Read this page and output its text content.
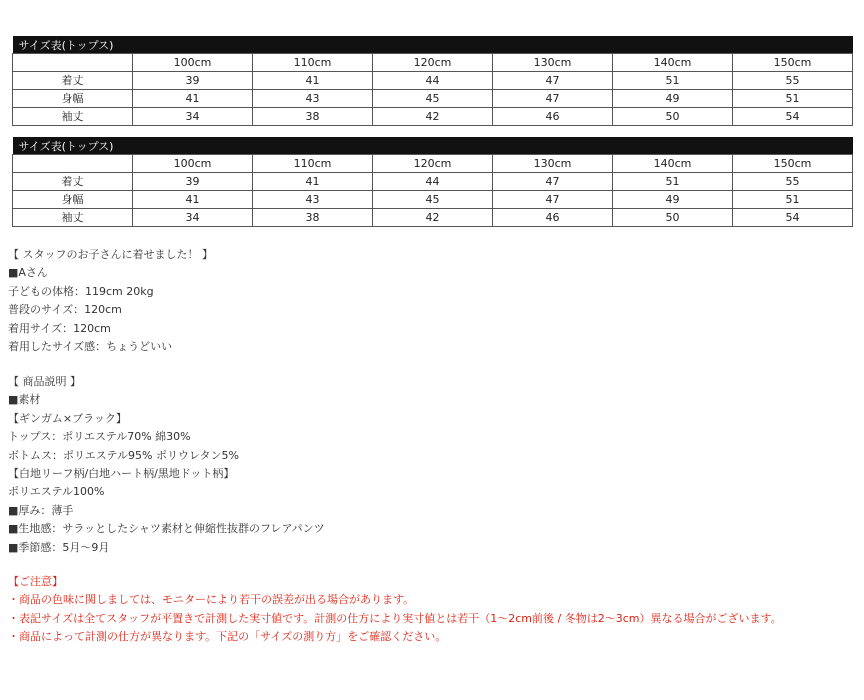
サイズ表(トップス)						
	100cm	110cm	120cm	130cm	140cm	150cm
着丈	39	41	44	47	51	55
身幅	41	43	45	47	49	51
袖丈	34	38	42	46	50	54
サイズ表(トップス)						
	100cm	110cm	120cm	130cm	140cm	150cm
着丈	39	41	44	47	51	55
身幅	41	43	45	47	49	51
袖丈	34	38	42	46	50	54
【 スタッフのお子さんに着せました！ 】
■Aさん
子どもの体格：119cm 20kg
普段のサイズ：120cm
着用サイズ：120cm
着用したサイズ感：ちょうどいい
【 商品説明 】
■素材
【ギンガム×ブラック】
トップス：ポリエステル70% 綿30%
ボトムス：ポリエステル95% ポリウレタン5%
【白地リーフ柄/白地ハート柄/黒地ドット柄】
ポリエステル100%
■厚み：薄手
■生地感：サラッとしたシャツ素材と伸縮性抜群のフレアパンツ
■季節感：5月～9月
【ご注意】
・商品の色味に関しましては、モニターにより若干の誤差が出る場合があります。
・表記サイズは全てスタッフが平置きで計測した実寸値です。計測の仕方により実寸値とは若干（1～2cm前後 / 冬物は2～3cm）異なる場合がございます。
・商品によって計測の仕方が異なります。下記の「サイズの測り方」をご確認ください。
